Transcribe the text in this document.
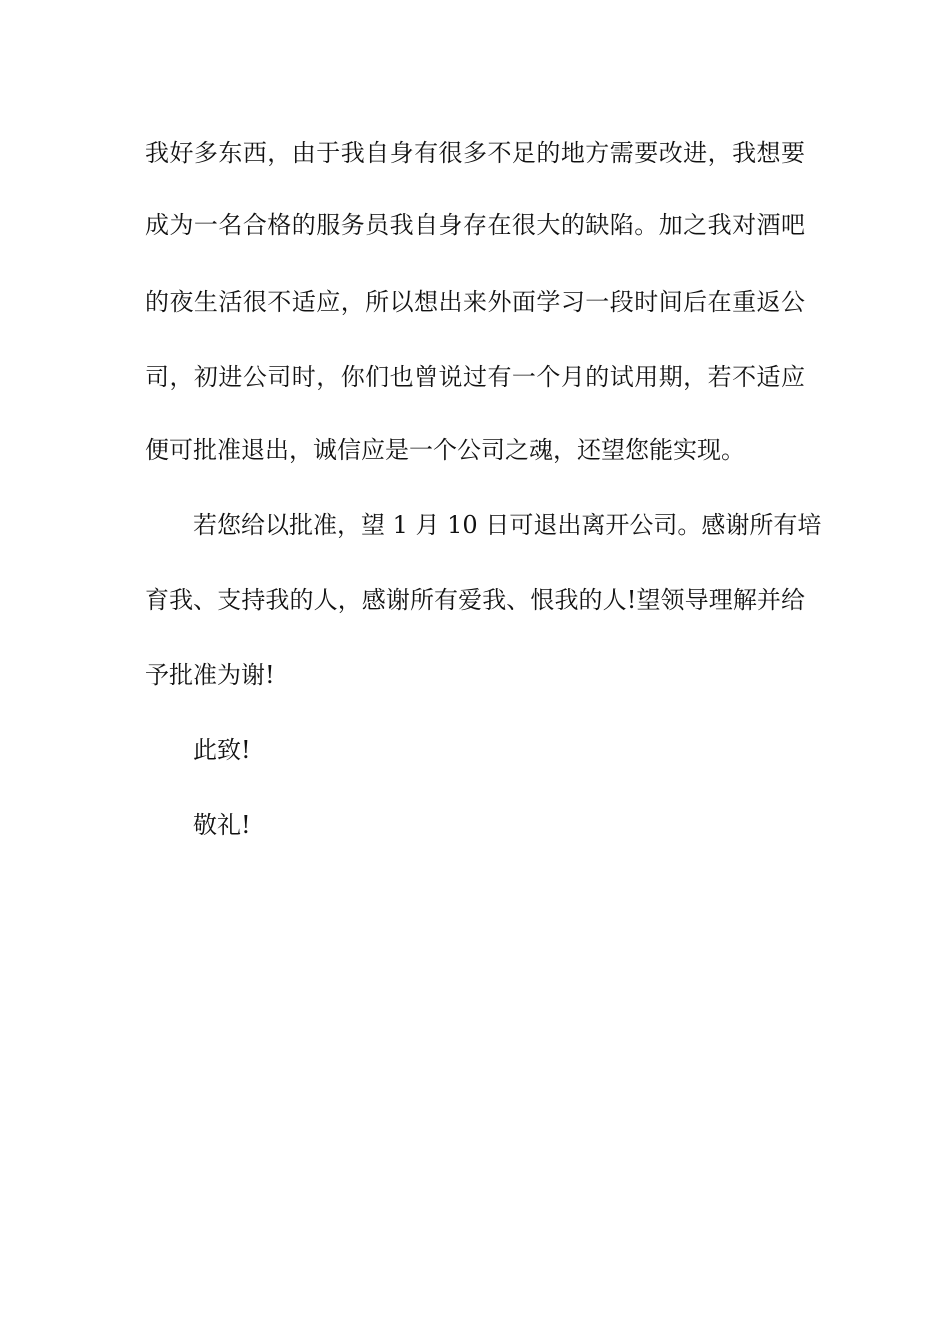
我好多东西，由于我自身有很多不足的地方需要改进，我想要

成为一名合格的服务员我自身存在很大的缺陷。加之我对酒吧

的夜生活很不适应，所以想出来外面学习一段时间后在重返公

司，初进公司时，你们也曾说过有一个月的试用期，若不适应

便可批准退出，诚信应是一个公司之魂，还望您能实现。

若您给以批准，望 1 月 10 日可退出离开公司。感谢所有培

育我、支持我的人，感谢所有爱我、恨我的人!望领导理解并给

予批准为谢!

此致!

敬礼!
